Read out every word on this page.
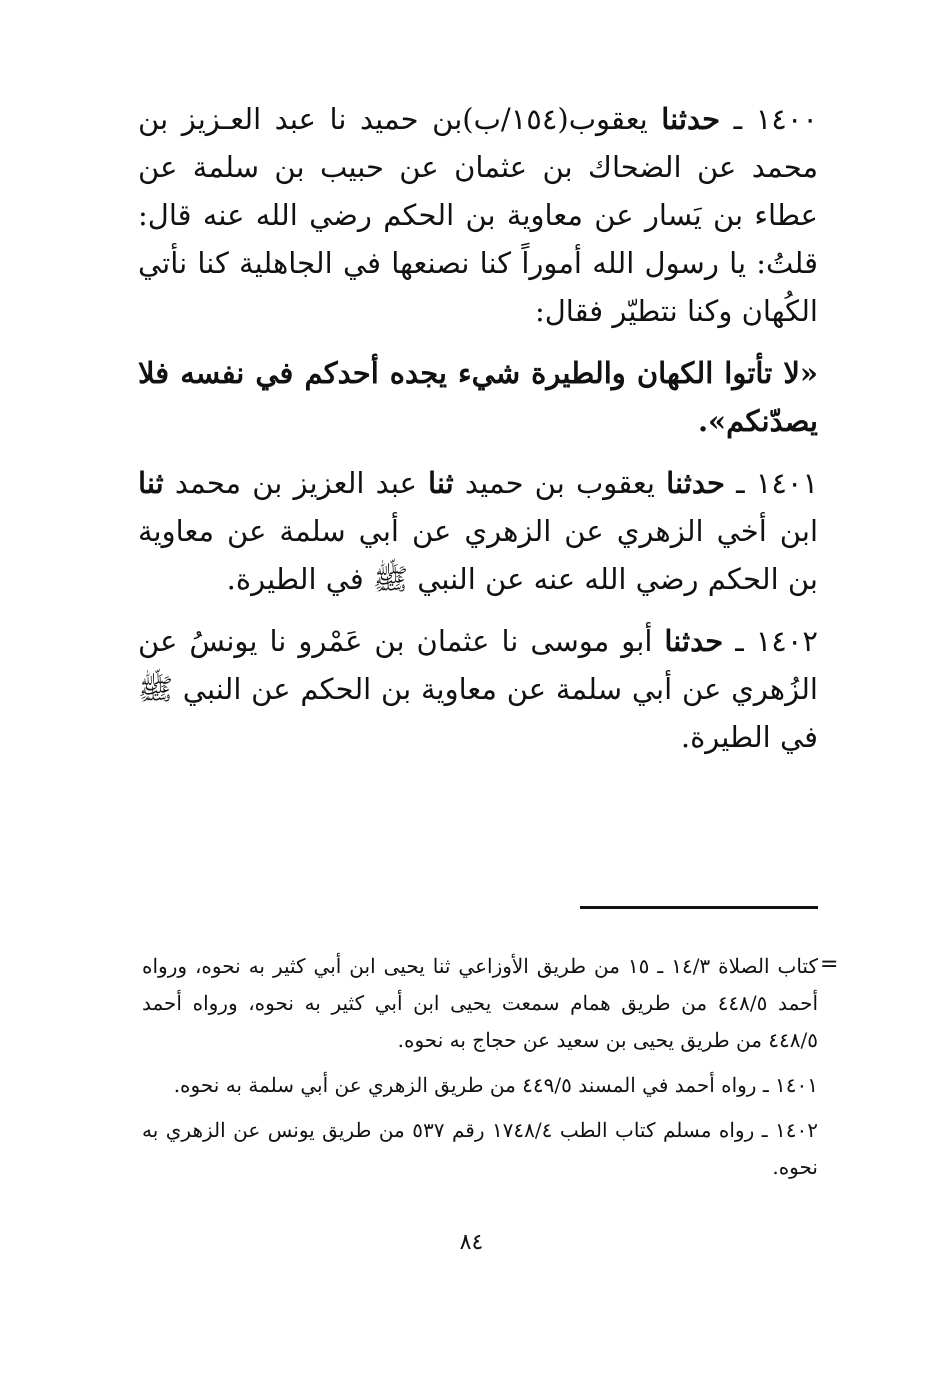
١٤٠٠ ـ حدثنا يعقوب(١٥٤/ب)بن حميد نا عبد العـزيز بن محمد عن الضحاك بن عثمان عن حبيب بن سلمة عن عطاء بن يَسار عن معاوية بن الحكم رضي الله عنه قال: قلتُ: يا رسول الله أموراً كنا نصنعها في الجاهلية كنا نأتي الكُهان وكنا نتطيّر فقال:

«لا تأتوا الكهان والطيرة شيء يجده أحدكم في نفسه فلا يصدّنكم».

١٤٠١ ـ حدثنا يعقوب بن حميد ثنا عبد العزيز بن محمد ثنا ابن أخي الزهري عن الزهري عن أبي سلمة عن معاوية بن الحكم رضي الله عنه عن النبي ﷺ في الطيرة.

١٤٠٢ ـ حدثنا أبو موسى نا عثمان بن عَمْرو نا يونسُ عن الزُهري عن أبي سلمة عن معاوية بن الحكم عن النبي ﷺ في الطيرة.

=

كتاب الصلاة ١٤/٣ ـ ١٥ من طريق الأوزاعي ثنا يحيى ابن أبي كثير به نحوه، ورواه أحمد ٤٤٨/٥ من طريق همام سمعت يحيى ابن أبي كثير به نحوه، ورواه أحمد ٤٤٨/٥ من طريق يحيى بن سعيد عن حجاج به نحوه.

١٤٠١ ـ رواه أحمد في المسند ٤٤٩/٥ من طريق الزهري عن أبي سلمة به نحوه.

١٤٠٢ ـ رواه مسلم كتاب الطب ١٧٤٨/٤ رقم ٥٣٧ من طريق يونس عن الزهري به نحوه.

٨٤
